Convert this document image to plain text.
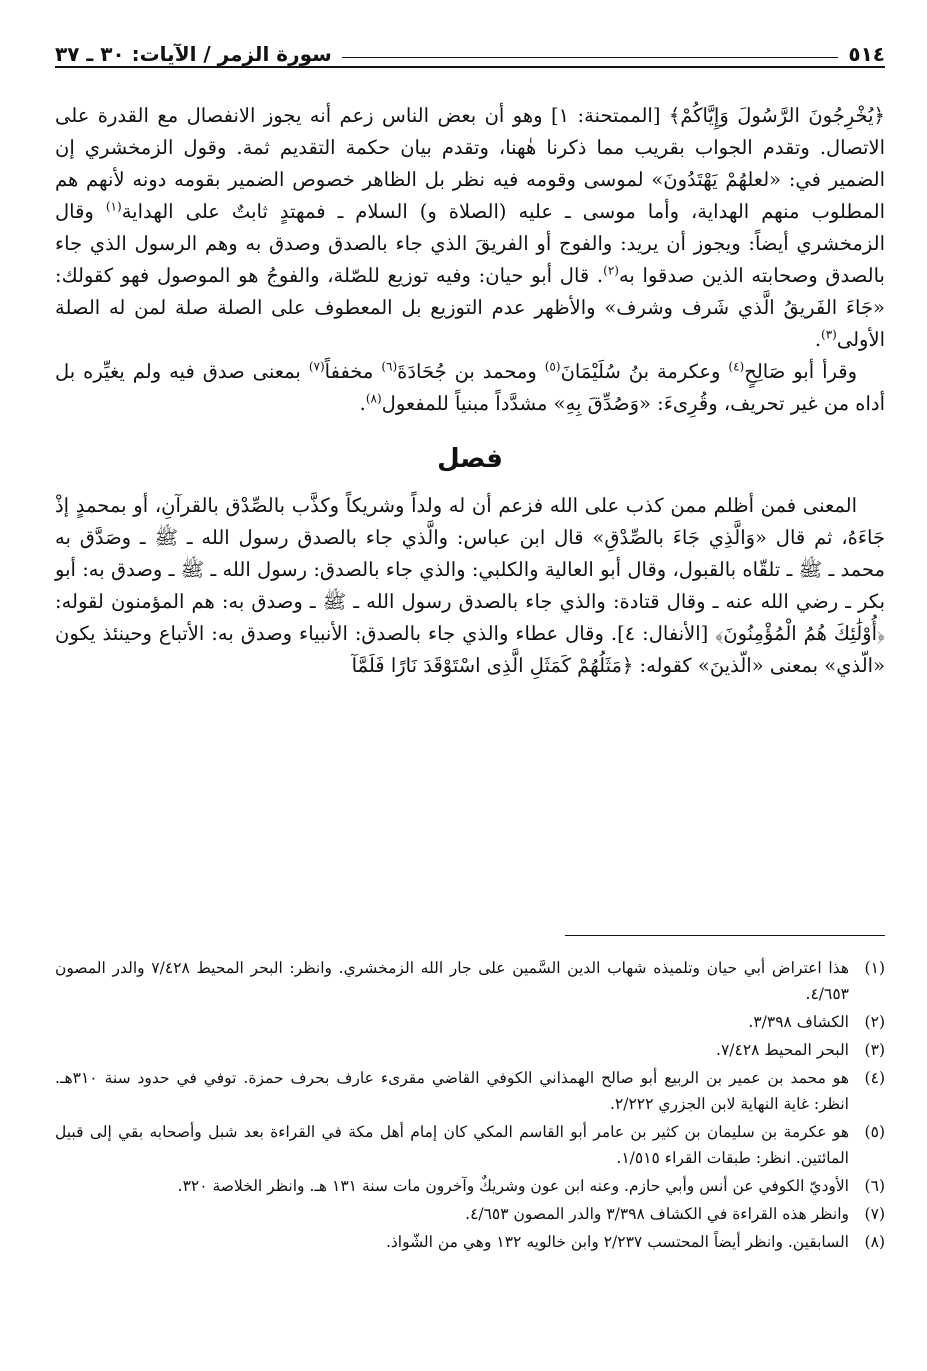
٥١٤
سورة الزمر / الآيات: ٣٠ ـ ٣٧

﴿يُخْرِجُونَ الرَّسُولَ وَإِيَّاكُمْ﴾ [الممتحنة: ١] وهو أن بعض الناس زعم أنه يجوز الانفصال مع القدرة على الاتصال. وتقدم الجواب بقريب مما ذكرنا هٰهنا، وتقدم بيان حكمة التقديم ثمة. وقول الزمخشري إن الضمير في: «لعلهُمْ يَهْتَدُونَ» لموسى وقومه فيه نظر بل الظاهر خصوص الضمير بقومه دونه لأنهم هم المطلوب منهم الهداية، وأما موسى ـ عليه (الصلاة و) السلام ـ فمهتدٍ ثابتٌ على الهداية$^{(١)}$ وقال الزمخشري أيضاً: ويجوز أن يريد: والفوج أو الفريقَ الذي جاء بالصدق وصدق به وهم الرسول الذي جاء بالصدق وصحابته الذين صدقوا به$^{(٢)}$. قال أبو حيان: وفيه توزيع للصّلة، والفوجُ هو الموصول فهو كقولك: «جَاءَ الفَريقُ الَّذي شَرف وشرف» والأظهر عدم التوزيع بل المعطوف على الصلة صلة لمن له الصلة الأولى$^{(٣)}$.

وقرأ أبو صَالِحٍ$^{(٤)}$ وعكرمة بنُ سُلَيْمَانَ$^{(٥)}$ ومحمد بن جُحَادَةَ$^{(٦)}$ مخففاً$^{(٧)}$ بمعنى صدق فيه ولم يغيِّره بل أداه من غير تحريف، وقُرِىءَ: «وَصُدِّقَ بِهِ» مشدَّداً مبنياً للمفعول$^{(٨)}$.

فصل

المعنى فمن أظلم ممن كذب على الله فزعم أن له ولداً وشريكاً وكذَّب بالصِّدْق بالقرآنِ، أو بمحمدٍ إذْ جَاءَهُ، ثم قال «وَالَّذِي جَاءَ بالصِّدْقِ» قال ابن عباس: والَّذي جاء بالصدق رسول الله ـ ﷺ ـ وصَدَّق به محمد ـ ﷺ ـ تلقّاه بالقبول، وقال أبو العالية والكلبي: والذي جاء بالصدق: رسول الله ـ ﷺ ـ وصدق به: أبو بكر ـ رضي الله عنه ـ وقال قتادة: والذي جاء بالصدق رسول الله ـ ﷺ ـ وصدق به: هم المؤمنون لقوله: ﴿أُوْلَٰئِكَ هُمُ الْمُؤْمِنُونَ﴾ [الأنفال: ٤]. وقال عطاء والذي جاء بالصدق: الأنبياء وصدق به: الأتباع وحينئذ يكون «الّذي» بمعنى «الّذينَ» كقوله: ﴿مَثَلُهُمْ كَمَثَلِ الَّذِى اسْتَوْقَدَ نَارًا فَلَمَّآ

(١)
هذا اعتراض أبي حيان وتلميذه شهاب الدين السَّمين على جار الله الزمخشري. وانظر: البحر المحيط ٧/٤٢٨ والدر المصون ٤/٦٥٣.
(٢)
الكشاف ٣/٣٩٨.
(٣)
البحر المحيط ٧/٤٢٨.
(٤)
هو محمد بن عمير بن الربيع أبو صالح الهمذاني الكوفي القاضي مقرىء عارف بحرف حمزة. توفي في حدود سنة ٣١٠هـ. انظر: غاية النهاية لابن الجزري ٢/٢٢٢.
(٥)
هو عكرمة بن سليمان بن كثير بن عامر أبو القاسم المكي كان إمام أهل مكة في القراءة بعد شبل وأصحابه بقي إلى قبيل المائتين. انظر: طبقات القراء ١/٥١٥.
(٦)
الأوديّ الكوفي عن أنس وأبي حازم. وعنه ابن عون وشريكٌ وآخرون مات سنة ١٣١ هـ. وانظر الخلاصة ٣٢٠.
(٧)
وانظر هذه القراءة في الكشاف ٣/٣٩٨ والدر المصون ٤/٦٥٣.
(٨)
السابقين. وانظر أيضاً المحتسب ٢/٢٣٧ وابن خالويه ١٣٢ وهي من الشّواذ.
